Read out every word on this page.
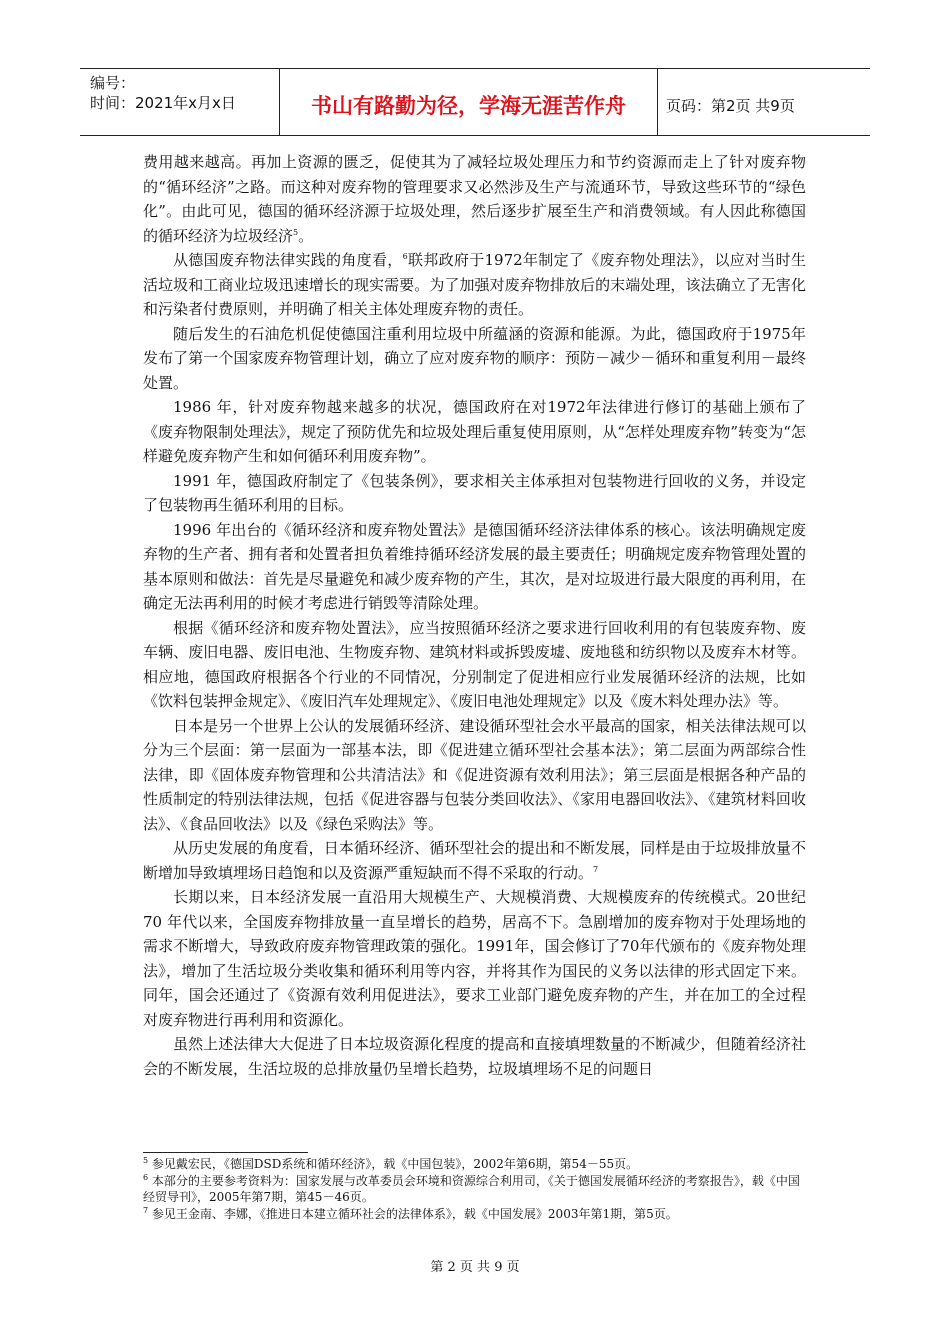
编号：
时间：2021年x月x日	书山有路勤为径，学海无涯苦作舟	页码：第2页 共9页

费用越来越高。再加上资源的匮乏，促使其为了减轻垃圾处理压力和节约资源而走上了针对废弃物的“循环经济”之路。而这种对废弃物的管理要求又必然涉及生产与流通环节，导致这些环节的“绿色化”。由此可见，德国的循环经济源于垃圾处理，然后逐步扩展至生产和消费领域。有人因此称德国的循环经济为垃圾经济$^5$。

从德国废弃物法律实践的角度看，$^6$联邦政府于1972年制定了《废弃物处理法》，以应对当时生活垃圾和工商业垃圾迅速增长的现实需要。为了加强对废弃物排放后的末端处理，该法确立了无害化和污染者付费原则，并明确了相关主体处理废弃物的责任。

随后发生的石油危机促使德国注重利用垃圾中所蕴涵的资源和能源。为此，德国政府于1975年发布了第一个国家废弃物管理计划，确立了应对废弃物的顺序：预防－减少－循环和重复利用－最终处置。

1986 年，针对废弃物越来越多的状况，德国政府在对1972年法律进行修订的基础上颁布了《废弃物限制处理法》，规定了预防优先和垃圾处理后重复使用原则，从“怎样处理废弃物”转变为“怎样避免废弃物产生和如何循环利用废弃物”。

1991 年，德国政府制定了《包装条例》，要求相关主体承担对包装物进行回收的义务，并设定了包装物再生循环利用的目标。

1996 年出台的《循环经济和废弃物处置法》是德国循环经济法律体系的核心。该法明确规定废弃物的生产者、拥有者和处置者担负着维持循环经济发展的最主要责任；明确规定废弃物管理处置的基本原则和做法：首先是尽量避免和减少废弃物的产生，其次，是对垃圾进行最大限度的再利用，在确定无法再利用的时候才考虑进行销毁等清除处理。

根据《循环经济和废弃物处置法》，应当按照循环经济之要求进行回收利用的有包装废弃物、废车辆、废旧电器、废旧电池、生物废弃物、建筑材料或拆毁废墟、废地毯和纺织物以及废弃木材等。相应地，德国政府根据各个行业的不同情况，分别制定了促进相应行业发展循环经济的法规，比如《饮料包装押金规定》、《废旧汽车处理规定》、《废旧电池处理规定》以及《废木料处理办法》等。

日本是另一个世界上公认的发展循环经济、建设循环型社会水平最高的国家，相关法律法规可以分为三个层面：第一层面为一部基本法，即《促进建立循环型社会基本法》；第二层面为两部综合性法律，即《固体废弃物管理和公共清洁法》和《促进资源有效利用法》；第三层面是根据各种产品的性质制定的特别法律法规，包括《促进容器与包装分类回收法》、《家用电器回收法》、《建筑材料回收法》、《食品回收法》以及《绿色采购法》等。

从历史发展的角度看，日本循环经济、循环型社会的提出和不断发展，同样是由于垃圾排放量不断增加导致填埋场日趋饱和以及资源严重短缺而不得不采取的行动。$^7$

长期以来，日本经济发展一直沿用大规模生产、大规模消费、大规模废弃的传统模式。20世纪70 年代以来，全国废弃物排放量一直呈增长的趋势，居高不下。急剧增加的废弃物对于处理场地的需求不断增大，导致政府废弃物管理政策的强化。1991年，国会修订了70年代颁布的《废弃物处理法》，增加了生活垃圾分类收集和循环利用等内容，并将其作为国民的义务以法律的形式固定下来。同年，国会还通过了《资源有效利用促进法》，要求工业部门避免废弃物的产生，并在加工的全过程对废弃物进行再利用和资源化。

虽然上述法律大大促进了日本垃圾资源化程度的提高和直接填埋数量的不断减少，但随着经济社会的不断发展，生活垃圾的总排放量仍呈增长趋势，垃圾填埋场不足的问题日

$^5$ 参见戴宏民，《德国DSD系统和循环经济》，载《中国包装》，2002年第6期，第54－55页。
$^6$ 本部分的主要参考资料为：国家发展与改革委员会环境和资源综合利用司，《关于德国发展循环经济的考察报告》，载《中国经贸导刊》，2005年第7期，第45－46页。
$^7$ 参见王金南、李娜，《推进日本建立循环社会的法律体系》，载《中国发展》2003年第1期，第5页。
第 2 页 共 9 页
